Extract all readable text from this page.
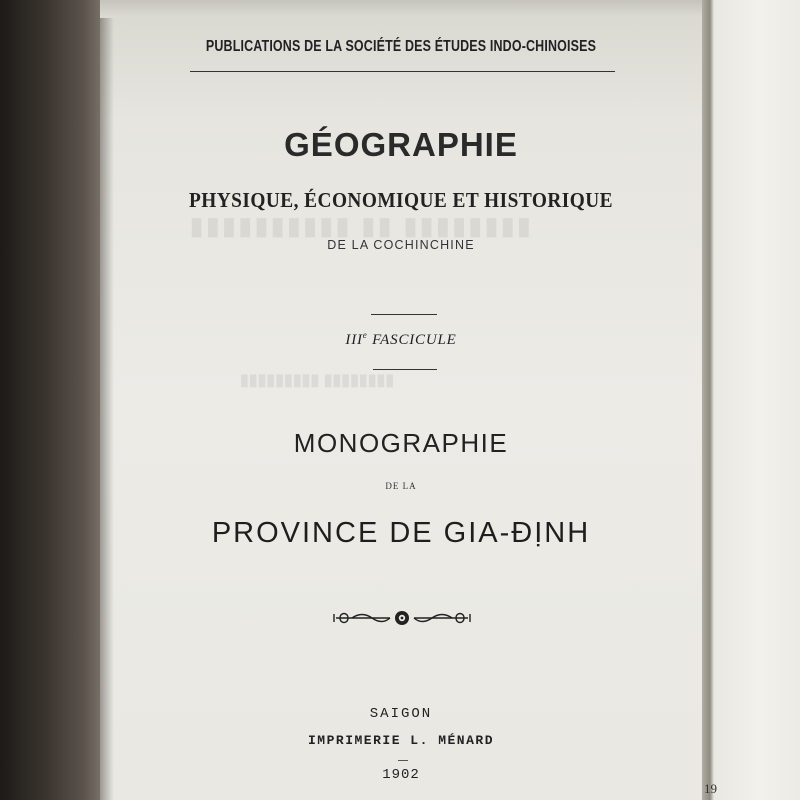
▮▮▮▮▮▮▮▮▮▮ ▮▮ ▮▮▮▮▮▮▮▮
▮▮▮▮▮▮▮▮▮ ▮▮▮▮▮▮▮▮
PUBLICATIONS DE LA SOCIÉTÉ DES ÉTUDES INDO-CHINOISES
GÉOGRAPHIE
PHYSIQUE, ÉCONOMIQUE ET HISTORIQUE
DE LA COCHINCHINE
IIIe FASCICULE
MONOGRAPHIE
DE LA
PROVINCE DE GIA-ĐỊNH
SAIGON
IMPRIMERIE L. MÉNARD
1902
19
